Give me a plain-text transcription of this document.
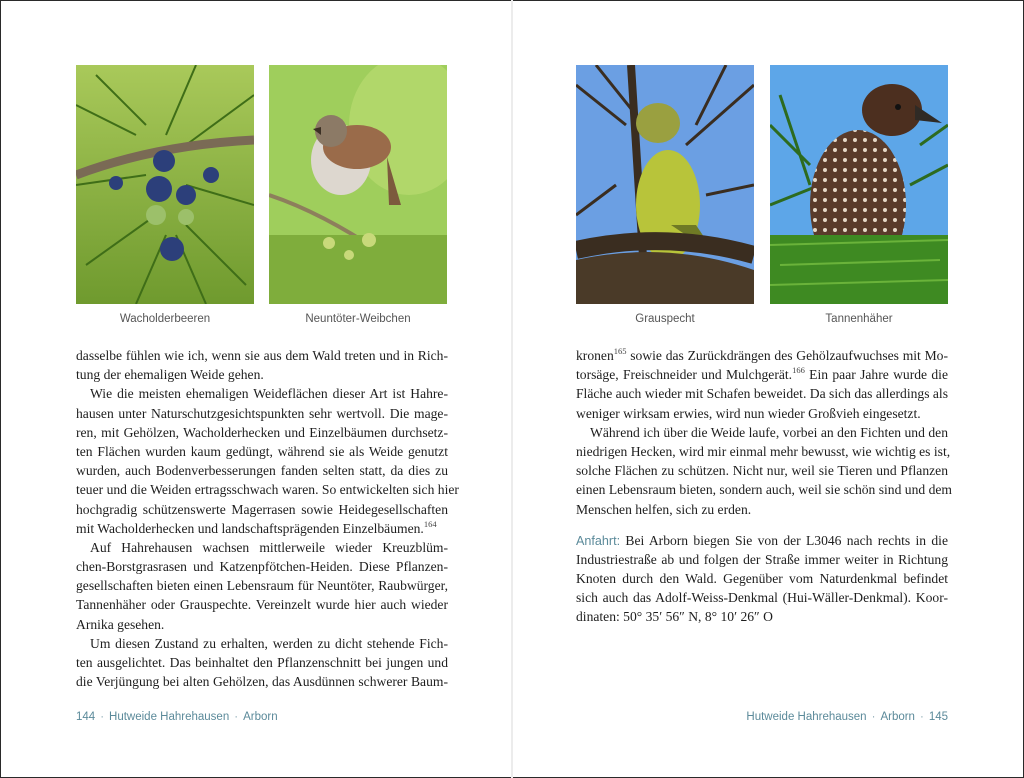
Wacholderbeeren	Neuntöter-Weibchen	Grauspecht	Tannenhäher
dasselbe fühlen wie ich, wenn sie aus dem Wald treten und in Rich-
tung der ehemaligen Weide gehen.
Wie die meisten ehemaligen Weideflächen dieser Art ist Hahre-
hausen unter Naturschutzgesichtspunkten sehr wertvoll. Die mage-
ren, mit Gehölzen, Wacholderhecken und Einzelbäumen durchsetz-
ten Flächen wurden kaum gedüngt, während sie als Weide genutzt
wurden, auch Bodenverbesserungen fanden selten statt, da dies zu
teuer und die Weiden ertragsschwach waren. So entwickelten sich hier
hochgradig schützenswerte Magerrasen sowie Heidegesellschaften
mit Wacholderhecken und landschaftsprägenden Einzelbäumen.$^{164}$
Auf Hahrehausen wachsen mittlerweile wieder Kreuzblüm-
chen-Borstgrasrasen und Katzenpfötchen-Heiden. Diese Pflanzen-
gesellschaften bieten einen Lebensraum für Neuntöter, Raubwürger,
Tannenhäher oder Grauspechte. Vereinzelt wurde hier auch wieder
Arnika gesehen.
Um diesen Zustand zu erhalten, werden zu dicht stehende Fich-
ten ausgelichtet. Das beinhaltet den Pflanzenschnitt bei jungen und
die Verjüngung bei alten Gehölzen, das Ausdünnen schwerer Baum-
kronen$^{165}$ sowie das Zurückdrängen des Gehölzaufwuchses mit Mo-
torsäge, Freischneider und Mulchgerät.$^{166}$ Ein paar Jahre wurde die
Fläche auch wieder mit Schafen beweidet. Da sich das allerdings als
weniger wirksam erwies, wird nun wieder Großvieh eingesetzt.
Während ich über die Weide laufe, vorbei an den Fichten und den
niedrigen Hecken, wird mir einmal mehr bewusst, wie wichtig es ist,
solche Flächen zu schützen. Nicht nur, weil sie Tieren und Pflanzen
einen Lebensraum bieten, sondern auch, weil sie schön sind und dem
Menschen helfen, sich zu erden.
Anfahrt: Bei Arborn biegen Sie von der L3046 nach rechts in die
Industriestraße ab und folgen der Straße immer weiter in Richtung
Knoten durch den Wald. Gegenüber vom Naturdenkmal befindet
sich auch das Adolf-Weiss-Denkmal (Hui-Wäller-Denkmal). Koor-
dinaten: 50° 35′ 56″ N, 8° 10′ 26″ O
144 · Hutweide Hahrehausen · Arborn	Hutweide Hahrehausen · Arborn · 145
